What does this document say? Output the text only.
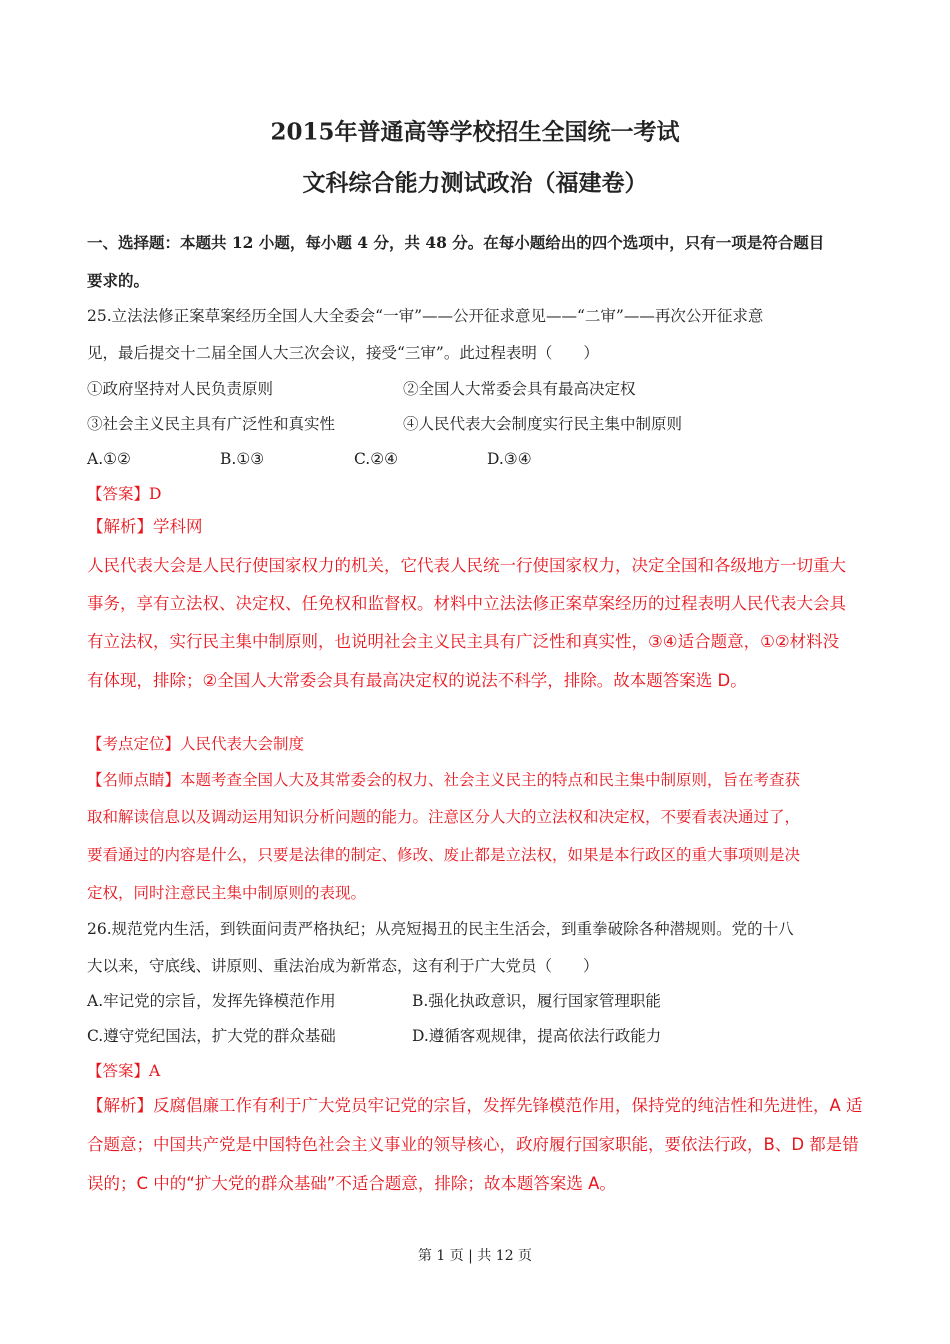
2015年普通高等学校招生全国统一考试
文科综合能力测试政治（福建卷）
一、选择题：本题共 12 小题，每小题 4 分，共 48 分。在每小题给出的四个选项中，只有一项是符合题目
要求的。
25.立法法修正案草案经历全国人大全委会“一审”——公开征求意见——“二审”——再次公开征求意
见，最后提交十二届全国人大三次会议，接受“三审”。此过程表明（　　）
①政府坚持对人民负责原则	②全国人大常委会具有最高决定权
③社会主义民主具有广泛性和真实性	④人民代表大会制度实行民主集中制原则
A.①②	B.①③	C.②④	D.③④
【答案】D
【解析】学科网
人民代表大会是人民行使国家权力的机关，它代表人民统一行使国家权力，决定全国和各级地方一切重大
事务，享有立法权、决定权、任免权和监督权。材料中立法法修正案草案经历的过程表明人民代表大会具
有立法权，实行民主集中制原则，也说明社会主义民主具有广泛性和真实性，③④适合题意，①②材料没
有体现，排除；②全国人大常委会具有最高决定权的说法不科学，排除。故本题答案选 D。
【考点定位】人民代表大会制度
【名师点睛】本题考查全国人大及其常委会的权力、社会主义民主的特点和民主集中制原则，旨在考查获
取和解读信息以及调动运用知识分析问题的能力。注意区分人大的立法权和决定权，不要看表决通过了，
要看通过的内容是什么，只要是法律的制定、修改、废止都是立法权，如果是本行政区的重大事项则是决
定权，同时注意民主集中制原则的表现。
26.规范党内生活，到铁面问责严格执纪；从亮短揭丑的民主生活会，到重拳破除各种潜规则。党的十八
大以来，守底线、讲原则、重法治成为新常态，这有利于广大党员（　　）
A.牢记党的宗旨，发挥先锋模范作用	B.强化执政意识，履行国家管理职能
C.遵守党纪国法，扩大党的群众基础	D.遵循客观规律，提高依法行政能力
【答案】A
【解析】反腐倡廉工作有利于广大党员牢记党的宗旨，发挥先锋模范作用，保持党的纯洁性和先进性，A 适
合题意；中国共产党是中国特色社会主义事业的领导核心，政府履行国家职能，要依法行政，B、D 都是错
误的；C 中的“扩大党的群众基础”不适合题意，排除；故本题答案选 A。
第 1 页 | 共 12 页
